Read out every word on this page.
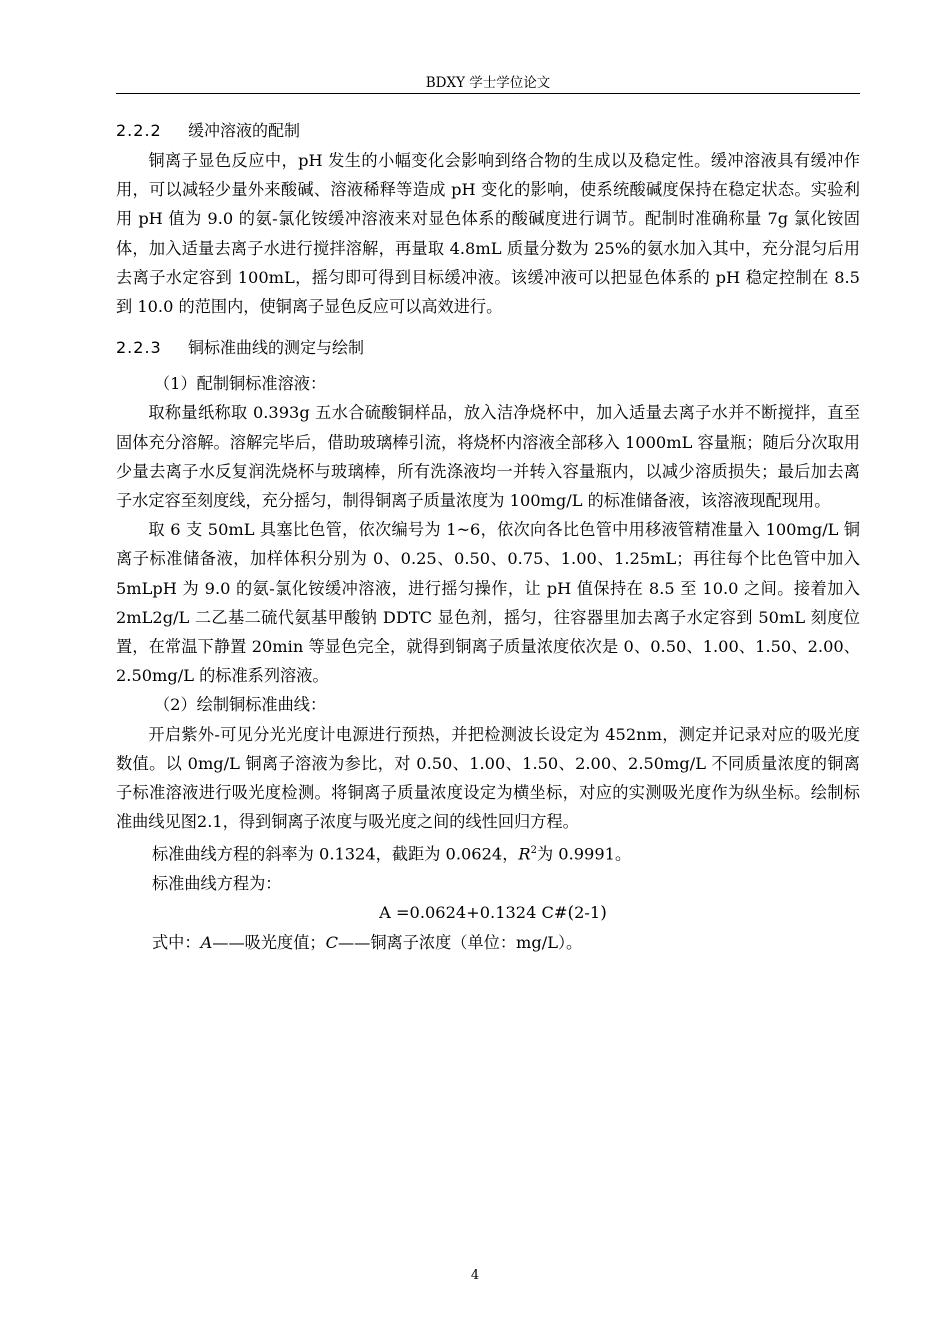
BDXY 学士学位论文
2.2.2 缓冲溶液的配制

铜离子显色反应中，pH 发生的小幅变化会影响到络合物的生成以及稳定性。缓冲溶液具有缓冲作用，可以减轻少量外来酸碱、溶液稀释等造成 pH 变化的影响，使系统酸碱度保持在稳定状态。实验利用 pH 值为 9.0 的氨-氯化铵缓冲溶液来对显色体系的酸碱度进行调节。配制时准确称量 7g 氯化铵固体，加入适量去离子水进行搅拌溶解，再量取 4.8mL 质量分数为 25%的氨水加入其中，充分混匀后用去离子水定容到 100mL，摇匀即可得到目标缓冲液。该缓冲液可以把显色体系的 pH 稳定控制在 8.5 到 10.0 的范围内，使铜离子显色反应可以高效进行。

2.2.3 铜标准曲线的测定与绘制

（1）配制铜标准溶液：

取称量纸称取 0.393g 五水合硫酸铜样品，放入洁净烧杯中，加入适量去离子水并不断搅拌，直至固体充分溶解。溶解完毕后，借助玻璃棒引流，将烧杯内溶液全部移入 1000mL 容量瓶；随后分次取用少量去离子水反复润洗烧杯与玻璃棒，所有洗涤液均一并转入容量瓶内，以减少溶质损失；最后加去离子水定容至刻度线，充分摇匀，制得铜离子质量浓度为 100mg/L 的标准储备液，该溶液现配现用。

取 6 支 50mL 具塞比色管，依次编号为 1~6，依次向各比色管中用移液管精准量入 100mg/L 铜离子标准储备液，加样体积分别为 0、0.25、0.50、0.75、1.00、1.25mL；再往每个比色管中加入 5mLpH 为 9.0 的氨-氯化铵缓冲溶液，进行摇匀操作，让 pH 值保持在 8.5 至 10.0 之间。接着加入 2mL2g/L 二乙基二硫代氨基甲酸钠 DDTC 显色剂，摇匀，往容器里加去离子水定容到 50mL 刻度位置，在常温下静置 20min 等显色完全，就得到铜离子质量浓度依次是 0、0.50、1.00、1.50、2.00、2.50mg/L 的标准系列溶液。

（2）绘制铜标准曲线：

开启紫外-可见分光光度计电源进行预热，并把检测波长设定为 452nm，测定并记录对应的吸光度数值。以 0mg/L 铜离子溶液为参比，对 0.50、1.00、1.50、2.00、2.50mg/L 不同质量浓度的铜离子标准溶液进行吸光度检测。将铜离子质量浓度设定为横坐标，对应的实测吸光度作为纵坐标。绘制标准曲线见图2.1，得到铜离子浓度与吸光度之间的线性回归方程。

标准曲线方程的斜率为 0.1324，截距为 0.0624，$R^2$为 0.9991。

标准曲线方程为：

A =0.0624+0.1324 C#(2-1)

式中：A——吸光度值；C——铜离子浓度（单位：mg/L）。

4
